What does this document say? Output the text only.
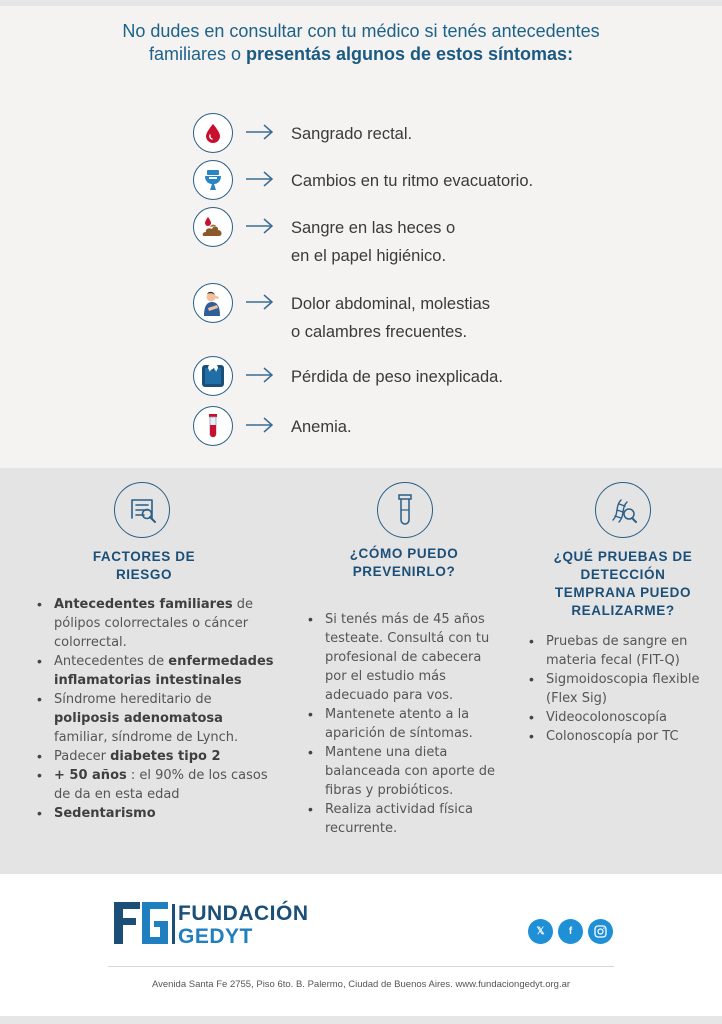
No dudes en consultar con tu médico si tenés antecedentes
familiares o presentás algunos de estos síntomas:
Sangrado rectal.
Cambios en tu ritmo evacuatorio.
Sangre en las heces o
en el papel higiénico.
Dolor abdominal, molestias
o calambres frecuentes.
Pérdida de peso inexplicada.
Anemia.
FACTORES DE
RIESGO
• Antecedentes familiares de pólipos colorrectales o cáncer colorrectal.
• Antecedentes de enfermedades inflamatorias intestinales
• Síndrome hereditario de poliposis adenomatosa familiar, síndrome de Lynch.
• Padecer diabetes tipo 2
• + 50 años : el 90% de los casos de da en esta edad
• Sedentarismo
¿CÓMO PUEDO
PREVENIRLO?
• Si tenés más de 45 años testeate. Consultá con tu profesional de cabecera por el estudio más adecuado para vos.
• Mantenete atento a la aparición de síntomas.
• Mantene una dieta balanceada con aporte de fibras y probióticos.
• Realiza actividad física recurrente.
¿QUÉ PRUEBAS DE
DETECCIÓN
TEMPRANA PUEDO
REALIZARME?
• Pruebas de sangre en materia fecal (FIT-Q)
• Sigmoidoscopia flexible (Flex Sig)
• Videocolonoscopía
• Colonoscopía por TC
FUNDACIÓN
GEDYT	𝕏 f
Avenida Santa Fe 2755, Piso 6to. B. Palermo, Ciudad de Buenos Aires. www.fundaciongedyt.org.ar
